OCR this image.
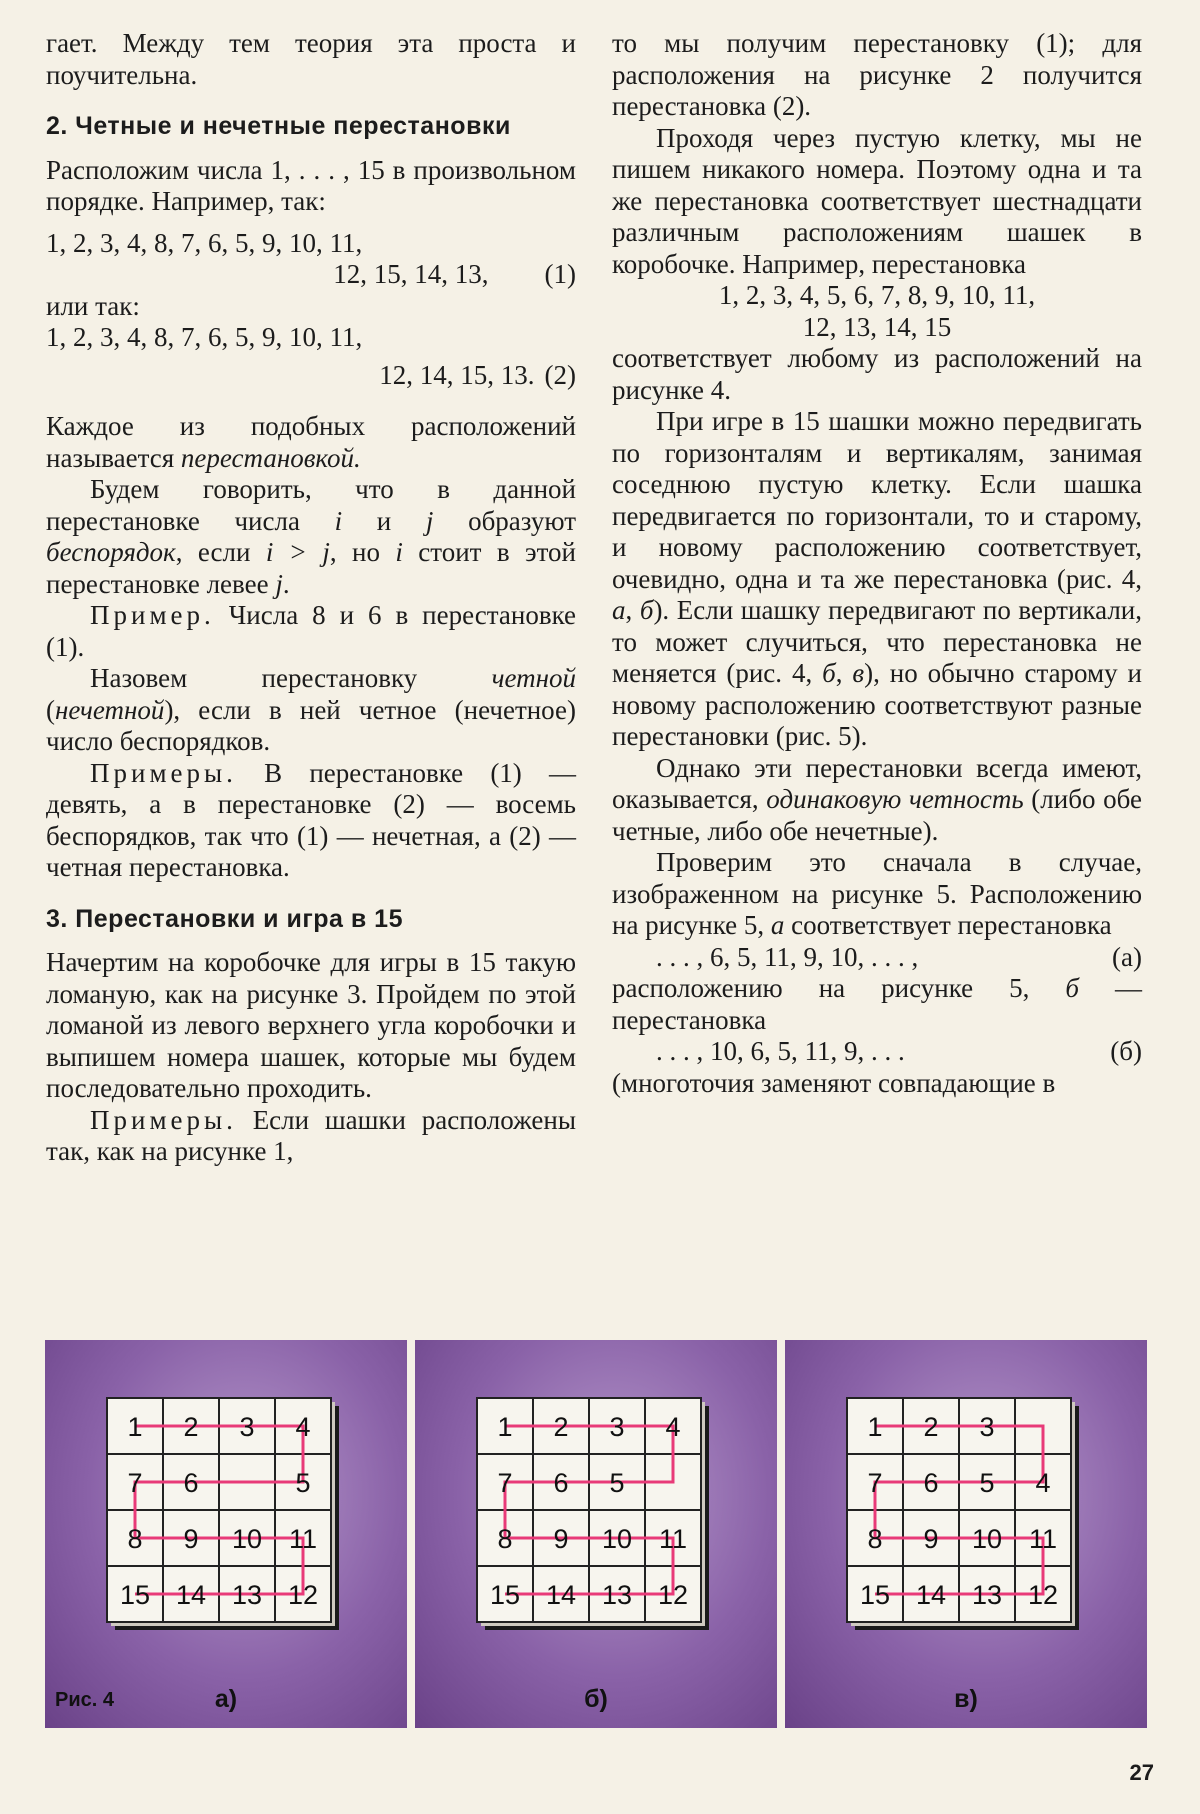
гает. Между тем теория эта проста и поучительна.

2. Четные и нечетные перестановки

Расположим числа 1, . . . , 15 в произвольном порядке. Например, так:

1, 2, 3, 4, 8, 7, 6, 5, 9, 10, 11,
12, 15, 14, 13, (1)
или так:
1, 2, 3, 4, 8, 7, 6, 5, 9, 10, 11,
12, 14, 15, 13. (2)

Каждое из подобных расположений называется перестановкой.

Будем говорить, что в данной перестановке числа i и j образуют беспорядок, если i > j, но i стоит в этой перестановке левее j.

Пример. Числа 8 и 6 в перестановке (1).

Назовем перестановку четной (нечетной), если в ней четное (нечетное) число беспорядков.

Примеры. В перестановке (1) — девять, а в перестановке (2) — восемь беспорядков, так что (1) — нечетная, а (2) — четная перестановка.

3. Перестановки и игра в 15

Начертим на коробочке для игры в 15 такую ломаную, как на рисунке 3. Пройдем по этой ломаной из левого верхнего угла коробочки и выпишем номера шашек, которые мы будем последовательно проходить.

Примеры. Если шашки расположены так, как на рисунке 1,

то мы получим перестановку (1); для расположения на рисунке 2 получится перестановка (2).

Проходя через пустую клетку, мы не пишем никакого номера. Поэтому одна и та же перестановка соответствует шестнадцати различным расположениям шашек в коробочке. Например, перестановка

1, 2, 3, 4, 5, 6, 7, 8, 9, 10, 11,
12, 13, 14, 15

соответствует любому из расположений на рисунке 4.

При игре в 15 шашки можно передвигать по горизонталям и вертикалям, занимая соседнюю пустую клетку. Если шашка передвигается по горизонтали, то и старому, и новому расположению соответствует, очевидно, одна и та же перестановка (рис. 4, а, б). Если шашку передвигают по вертикали, то может случиться, что перестановка не меняется (рис. 4, б, в), но обычно старому и новому расположению соответствуют разные перестановки (рис. 5).

Однако эти перестановки всегда имеют, оказывается, одинаковую четность (либо обе четные, либо обе нечетные).

Проверим это сначала в случае, изображенном на рисунке 5. Расположению на рисунке 5, а соответствует перестановка

. . . , 6, 5, 11, 9, 10, . . . ,	(a)

расположению на рисунке 5, б — перестановка

. . . , 10, 6, 5, 11, 9, . . .	(б)

(многоточия заменяют совпадающие в

1 2 3 4
7 6	5
8 9 10 11
15 14 13 12
Рис. 4	а)
1 2 3 4
7 6 5
8 9 10 11
15 14 13 12
б)
1 2 3
7 6 5 4
8 9 10 11
15 14 13 12
в)
27
